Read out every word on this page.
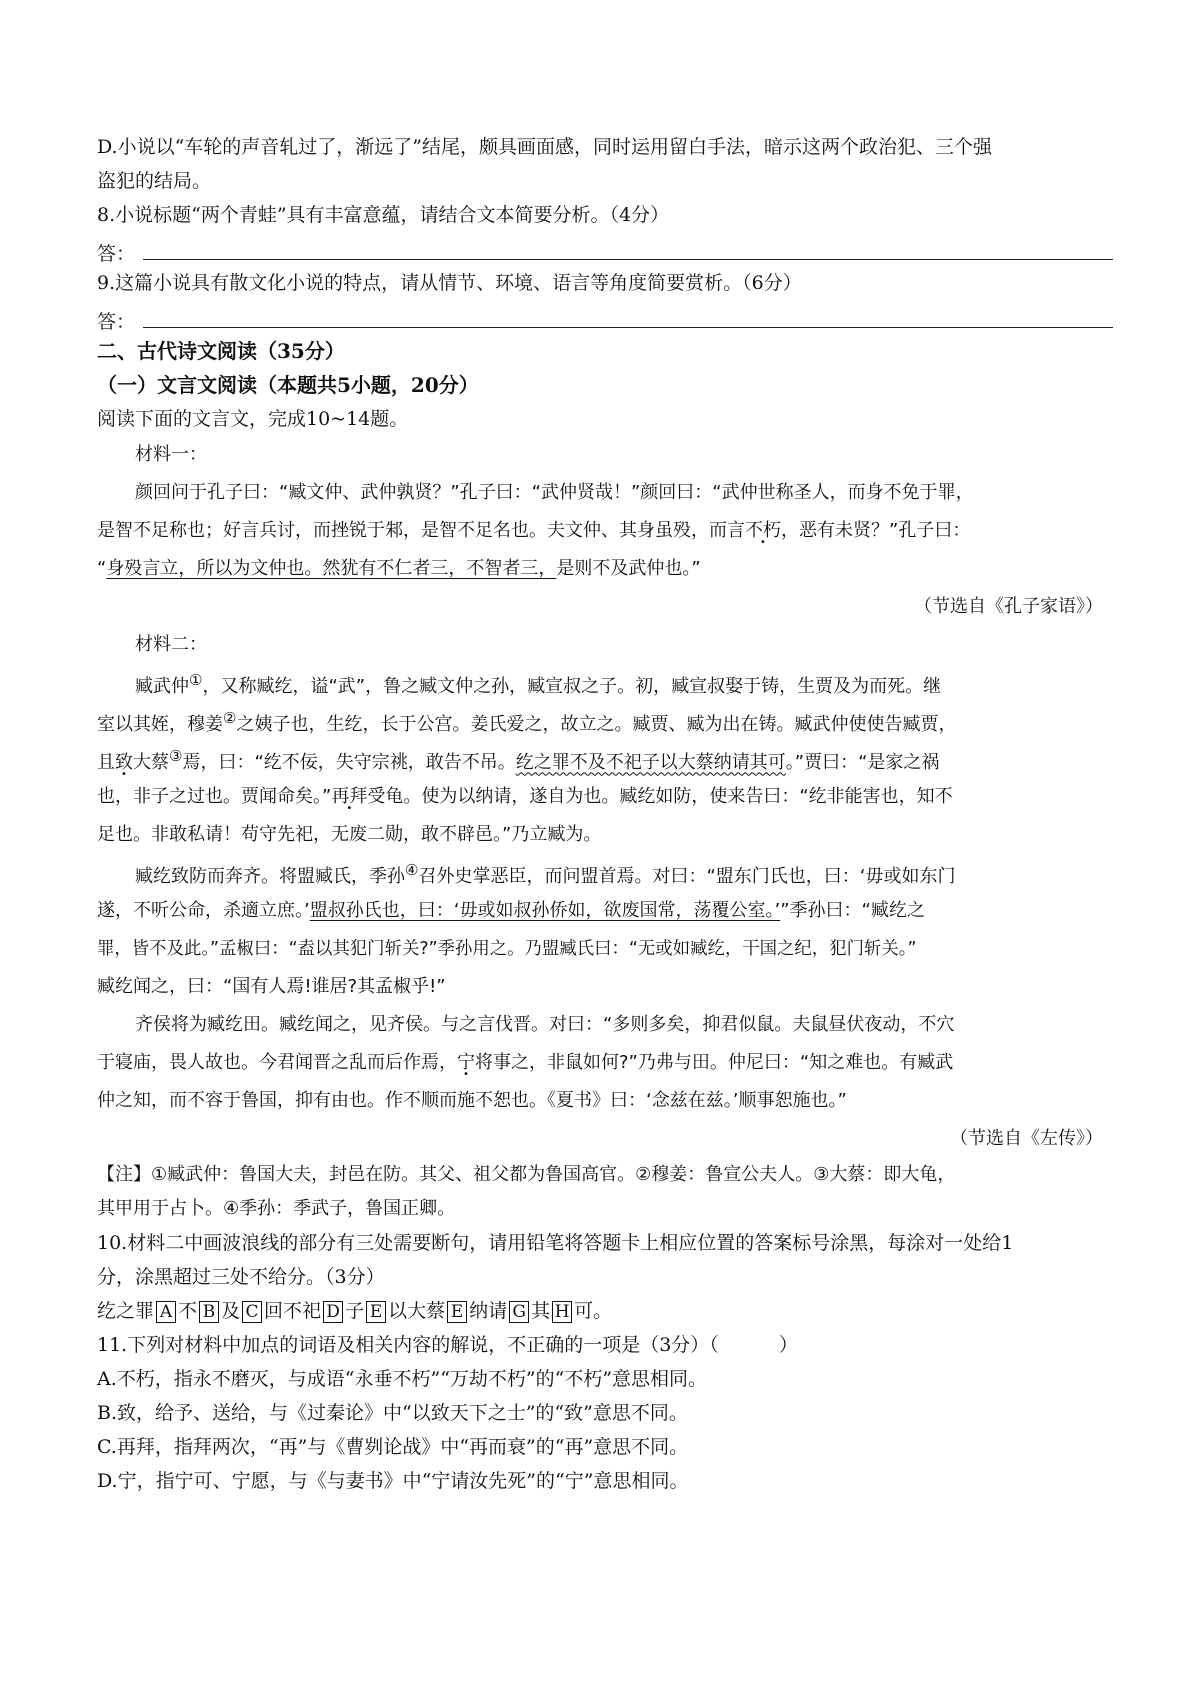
D.小说以“车轮的声音轧过了，渐远了”结尾，颇具画面感，同时运用留白手法，暗示这两个政治犯、三个强
盗犯的结局。
8.小说标题“两个青蛙”具有丰富意蕴，请结合文本简要分析。（4分）
答：
9.这篇小说具有散文化小说的特点，请从情节、环境、语言等角度简要赏析。（6分）
答：
二、古代诗文阅读（35分）
（一）文言文阅读（本题共5小题，20分）
阅读下面的文言文，完成10~14题。
材料一：
颜回问于孔子曰：“臧文仲、武仲孰贤？”孔子曰：“武仲贤哉！”颜回曰：“武仲世称圣人，而身不免于罪，
是智不足称也；好言兵讨，而挫锐于邾，是智不足名也。夫文仲、其身虽殁，而言不朽，恶有未贤？”孔子曰：
“身殁言立，所以为文仲也。然犹有不仁者三，不智者三，是则不及武仲也。”
（节选自《孔子家语》）
材料二：
臧武仲①，又称臧纥，谥“武”，鲁之臧文仲之孙，臧宣叔之子。初，臧宣叔娶于铸，生贾及为而死。继
室以其姪，穆姜②之姨子也，生纥，长于公宫。姜氏爱之，故立之。臧贾、臧为出在铸。臧武仲使使告臧贾，
且致大蔡③焉，曰：“纥不佞，失守宗祧，敢告不吊。纥之罪不及不祀子以大蔡纳请其可。”贾曰：“是家之祸
也，非子之过也。贾闻命矣。”再拜受龟。使为以纳请，遂自为也。臧纥如防，使来告曰：“纥非能害也，知不
足也。非敢私请！苟守先祀，无废二勋，敢不辟邑。”乃立臧为。
臧纥致防而奔齐。将盟臧氏，季孙④召外史掌恶臣，而问盟首焉。对曰：“盟东门氏也，曰：‘毋或如东门
遂，不听公命，杀適立庶。’盟叔孙氏也，曰：‘毋或如叔孙侨如，欲废国常，荡覆公室。’”季孙曰：“臧纥之
罪，皆不及此。”孟椒曰：“盍以其犯门斩关?”季孙用之。乃盟臧氏曰：“无或如臧纥，干国之纪，犯门斩关。”
臧纥闻之，曰：“国有人焉!谁居?其孟椒乎!”
齐侯将为臧纥田。臧纥闻之，见齐侯。与之言伐晋。对曰：“多则多矣，抑君似鼠。夫鼠昼伏夜动，不穴
于寝庙，畏人故也。今君闻晋之乱而后作焉，宁将事之，非鼠如何?”乃弗与田。仲尼曰：“知之难也。有臧武
仲之知，而不容于鲁国，抑有由也。作不顺而施不恕也。《夏书》曰：‘念兹在兹。’顺事恕施也。”
（节选自《左传》）
【注】①臧武仲：鲁国大夫，封邑在防。其父、祖父都为鲁国高官。②穆姜：鲁宣公夫人。③大蔡：即大龟，
其甲用于占卜。④季孙：季武子，鲁国正卿。
10.材料二中画波浪线的部分有三处需要断句，请用铅笔将答题卡上相应位置的答案标号涂黑，每涂对一处给1
分，涂黑超过三处不给分。（3分）
纥之罪 A 不 B 及 C 回不祀 D 子 E 以大蔡 E 纳请 G 其 H 可。
11.下列对材料中加点的词语及相关内容的解说，不正确的一项是（3分）（	）
A.不朽，指永不磨灭，与成语“永垂不朽”“万劫不朽”的“不朽”意思相同。
B.致，给予、送给，与《过秦论》中“以致天下之士”的“致”意思不同。
C.再拜，指拜两次，“再”与《曹刿论战》中“再而衰”的“再”意思不同。
D.宁，指宁可、宁愿，与《与妻书》中“宁请汝先死”的“宁”意思相同。
